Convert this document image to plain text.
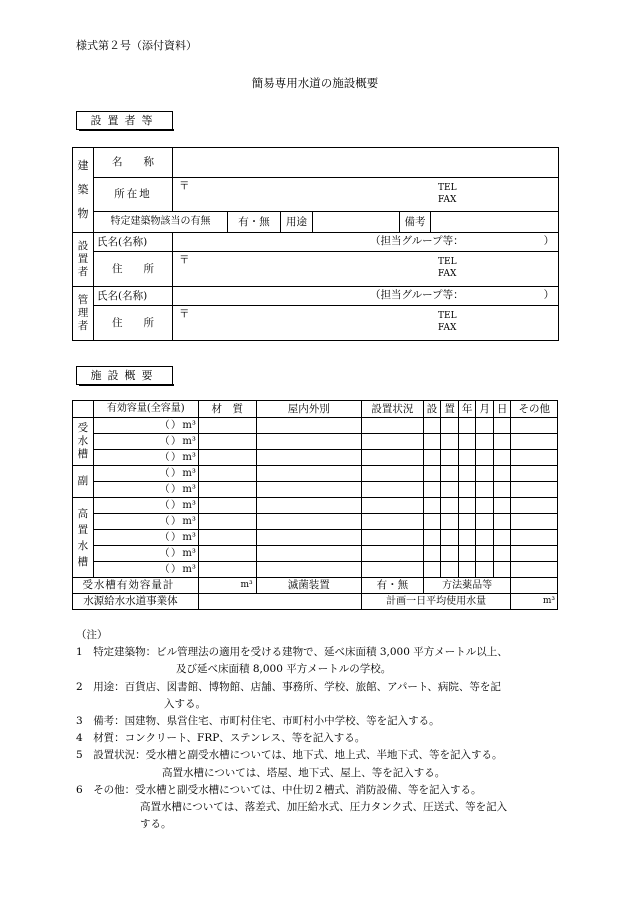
様式第２号（添付資料）
簡易専用水道の施設概要
設置者等
建築物	名　　称						
	所在地	〒 TEL
FAX					

	特定建築物該当の有無		有・無	用途		備考	
設置者	氏名(名称)	（担当グループ等： ）					

	住　　所	〒 TEL
FAX					

管理者	氏名(名称)	（担当グループ等： ）					

	住　　所	〒 TEL
FAX					
施設概要
	有効容量(全容量)	材　質	屋内外別	設置状況	設	置	年	月	日	その他
受水槽	（ ） m³									

	（ ） m³									

	（ ） m³									

副	（ ） m³									

	（ ） m³									

高置水槽	（ ） m³									

	（ ） m³									

	（ ） m³									

	（ ） m³									

	（ ） m³									

受水槽有効容量計		m³	滅菌装置	有・無	方法薬品等					
水源給水水道事業体				計画一日平均使用水量						m³
（注）
1　 特定建築物：ビル管理法の適用を受ける建物で、延べ床面積 3,000 平方メートル以上、
及び延べ床面積 8,000 平方メートルの学校。
2　 用途：百貨店、図書館、博物館、店舗、事務所、学校、旅館、アパート、病院、等を記
入する。
3　 備考：国建物、県営住宅、市町村住宅、市町村小中学校、等を記入する。
4　 材質：コンクリート、FRP、ステンレス、等を記入する。
5　 設置状況：受水槽と副受水槽については、地下式、地上式、半地下式、等を記入する。
高置水槽については、塔屋、地下式、屋上、等を記入する。
6　 その他：受水槽と副受水槽については、中仕切２槽式、消防設備、等を記入する。
高置水槽については、落差式、加圧給水式、圧力タンク式、圧送式、等を記入
する。
